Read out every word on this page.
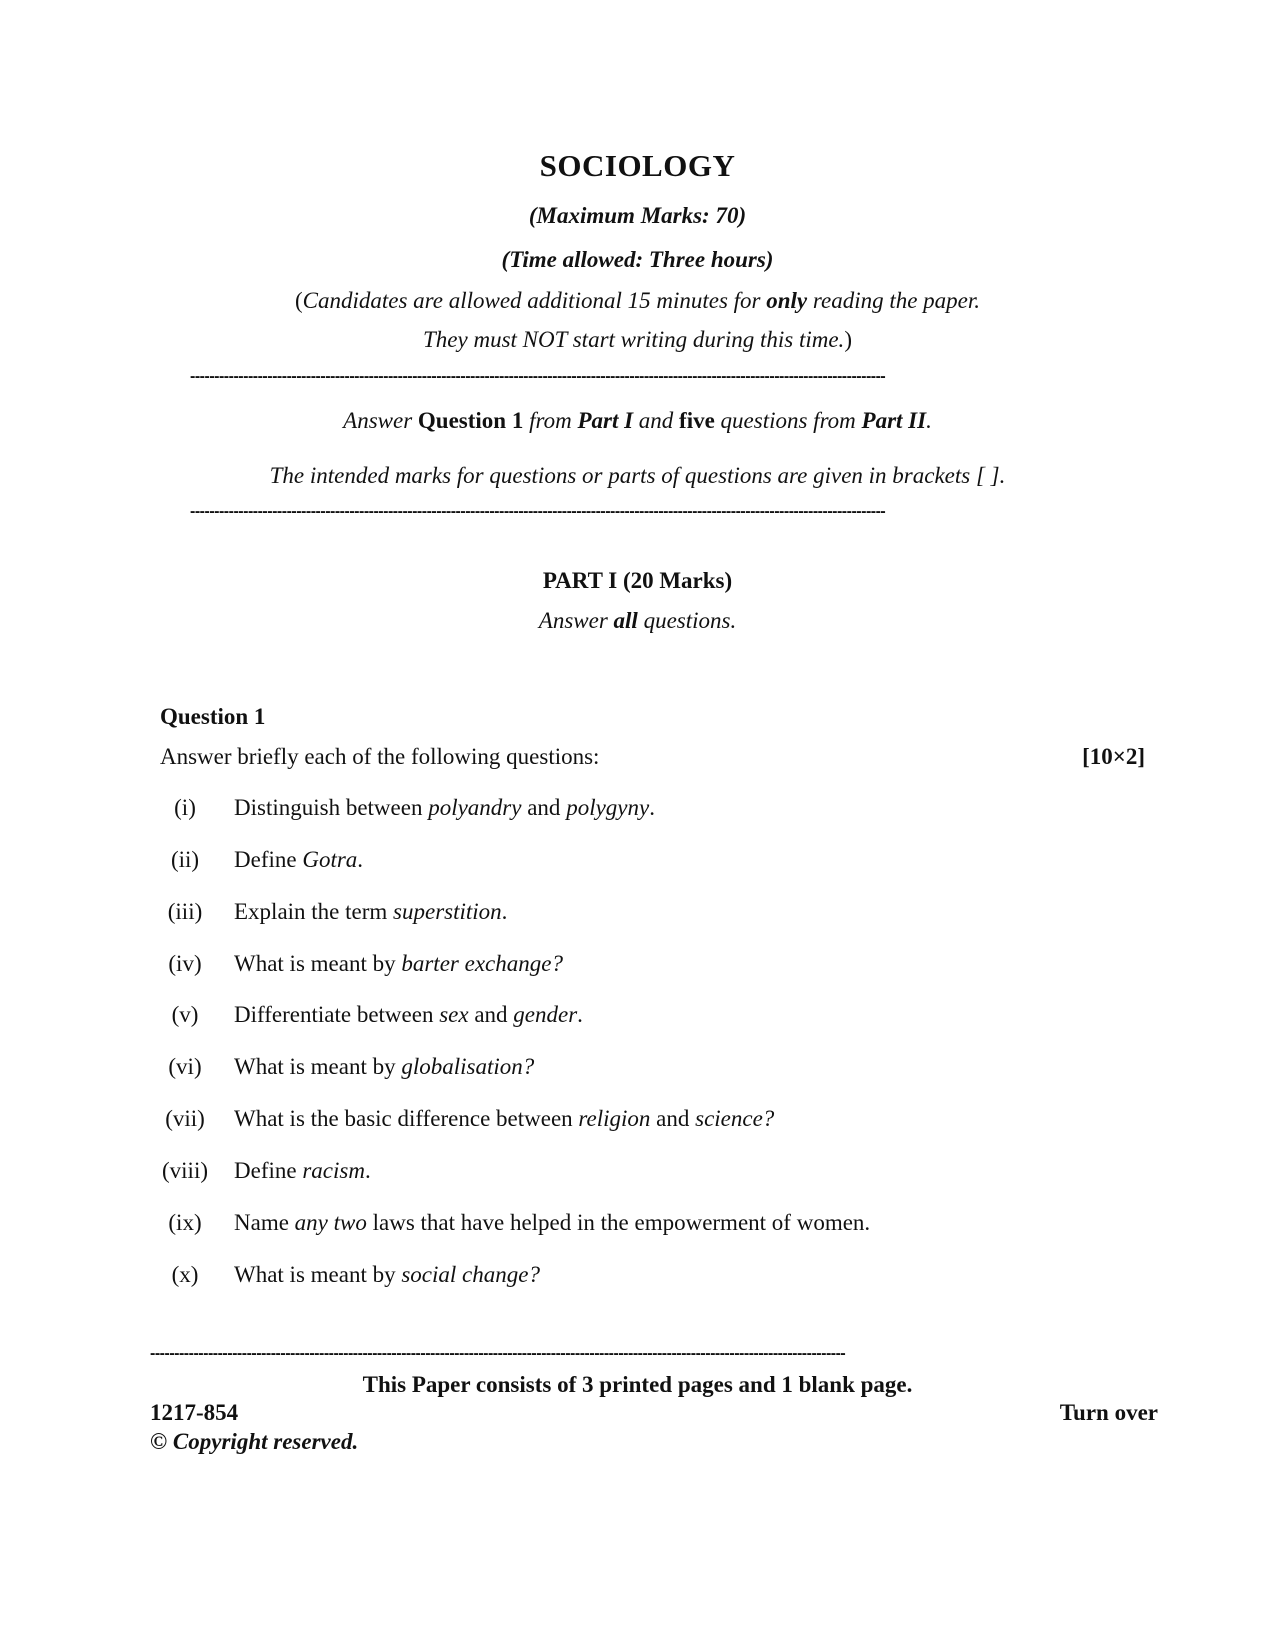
SOCIOLOGY
(Maximum Marks: 70)
(Time allowed: Three hours)
(Candidates are allowed additional 15 minutes for only reading the paper.
They must NOT start writing during this time.)
------------------------------------------------------------------------------------------------------------------------------------------------
Answer Question 1 from Part I and five questions from Part II.
The intended marks for questions or parts of questions are given in brackets [ ].
------------------------------------------------------------------------------------------------------------------------------------------------
PART I (20 Marks)
Answer all questions.
Question 1
Answer briefly each of the following questions:	[10×2]
(i)	Distinguish between polyandry and polygyny.
(ii)	Define Gotra.
(iii)	Explain the term superstition.
(iv)	What is meant by barter exchange?
(v)	Differentiate between sex and gender.
(vi)	What is meant by globalisation?
(vii)	What is the basic difference between religion and science?
(viii)	Define racism.
(ix)	Name any two laws that have helped in the empowerment of women.
(x)	What is meant by social change?
------------------------------------------------------------------------------------------------------------------------------------------------
This Paper consists of 3 printed pages and 1 blank page.
1217-854	Turn over
© Copyright reserved.
